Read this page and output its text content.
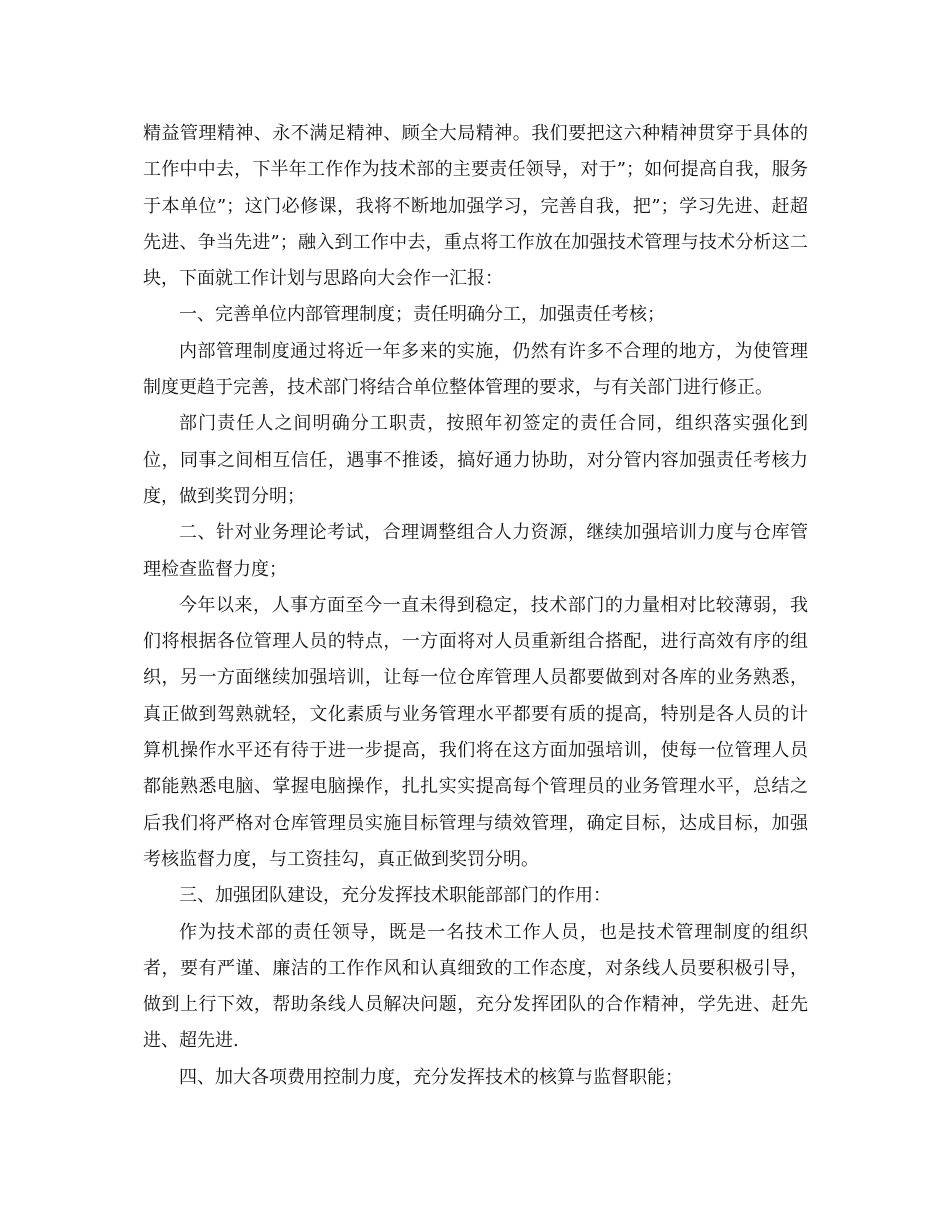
精益管理精神、永不满足精神、顾全大局精神。我们要把这六种精神贯穿于具体的工作中中去，下半年工作作为技术部的主要责任领导，对于”；如何提高自我，服务于本单位”；这门必修课，我将不断地加强学习，完善自我，把”；学习先进、赶超先进、争当先进”；融入到工作中去，重点将工作放在加强技术管理与技术分析这二块，下面就工作计划与思路向大会作一汇报：

一、完善单位内部管理制度；责任明确分工，加强责任考核；

内部管理制度通过将近一年多来的实施，仍然有许多不合理的地方，为使管理制度更趋于完善，技术部门将结合单位整体管理的要求，与有关部门进行修正。

部门责任人之间明确分工职责，按照年初签定的责任合同，组织落实强化到位，同事之间相互信任，遇事不推诿，搞好通力协助，对分管内容加强责任考核力度，做到奖罚分明；

二、针对业务理论考试，合理调整组合人力资源，继续加强培训力度与仓库管理检查监督力度；

今年以来，人事方面至今一直未得到稳定，技术部门的力量相对比较薄弱，我们将根据各位管理人员的特点，一方面将对人员重新组合搭配，进行高效有序的组织，另一方面继续加强培训，让每一位仓库管理人员都要做到对各库的业务熟悉，真正做到驾熟就轻，文化素质与业务管理水平都要有质的提高，特别是各人员的计算机操作水平还有待于进一步提高，我们将在这方面加强培训，使每一位管理人员都能熟悉电脑、掌握电脑操作，扎扎实实提高每个管理员的业务管理水平，总结之后我们将严格对仓库管理员实施目标管理与绩效管理，确定目标，达成目标，加强考核监督力度，与工资挂勾，真正做到奖罚分明。

三、加强团队建设，充分发挥技术职能部部门的作用：

作为技术部的责任领导，既是一名技术工作人员，也是技术管理制度的组织者，要有严谨、廉洁的工作作风和认真细致的工作态度，对条线人员要积极引导，做到上行下效，帮助条线人员解决问题，充分发挥团队的合作精神，学先进、赶先进、超先进.

四、加大各项费用控制力度，充分发挥技术的核算与监督职能；
